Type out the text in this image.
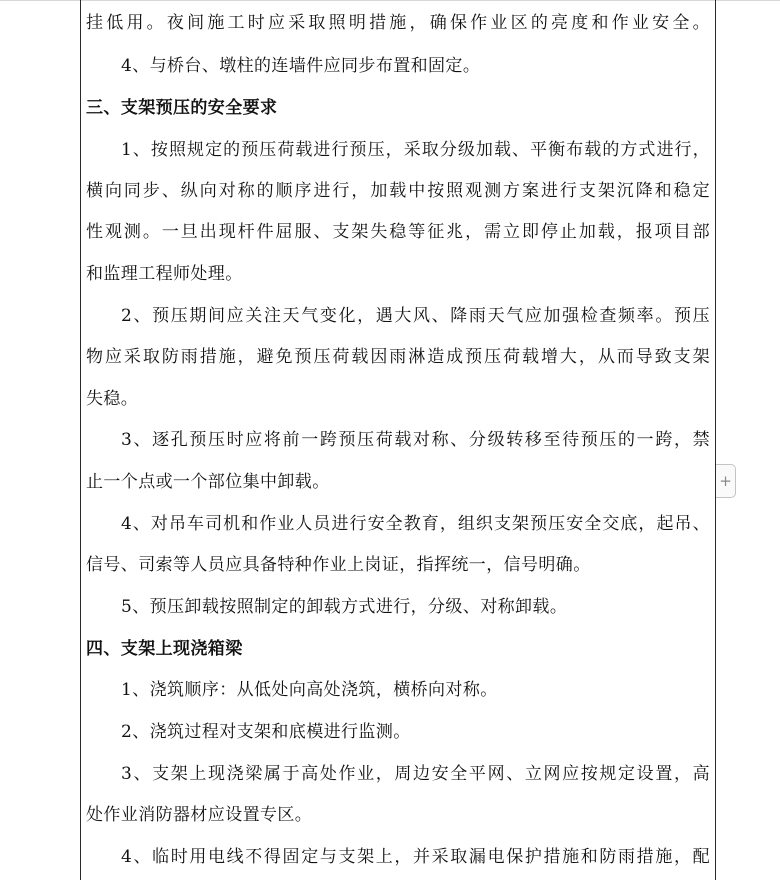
挂低用。夜间施工时应采取照明措施，确保作业区的亮度和作业安全。
4、与桥台、墩柱的连墙件应同步布置和固定。
三、支架预压的安全要求
1、按照规定的预压荷载进行预压，采取分级加载、平衡布载的方式进行，
横向同步、纵向对称的顺序进行，加载中按照观测方案进行支架沉降和稳定
性观测。一旦出现杆件屈服、支架失稳等征兆，需立即停止加载，报项目部
和监理工程师处理。
2、预压期间应关注天气变化，遇大风、降雨天气应加强检查频率。预压
物应采取防雨措施，避免预压荷载因雨淋造成预压荷载增大，从而导致支架
失稳。
3、逐孔预压时应将前一跨预压荷载对称、分级转移至待预压的一跨，禁
止一个点或一个部位集中卸载。
4、对吊车司机和作业人员进行安全教育，组织支架预压安全交底，起吊、
信号、司索等人员应具备特种作业上岗证，指挥统一，信号明确。
5、预压卸载按照制定的卸载方式进行，分级、对称卸载。
四、支架上现浇箱梁
1、浇筑顺序：从低处向高处浇筑，横桥向对称。
2、浇筑过程对支架和底模进行监测。
3、支架上现浇梁属于高处作业，周边安全平网、立网应按规定设置，高
处作业消防器材应设置专区。
4、临时用电线不得固定与支架上，并采取漏电保护措施和防雨措施，配
+
